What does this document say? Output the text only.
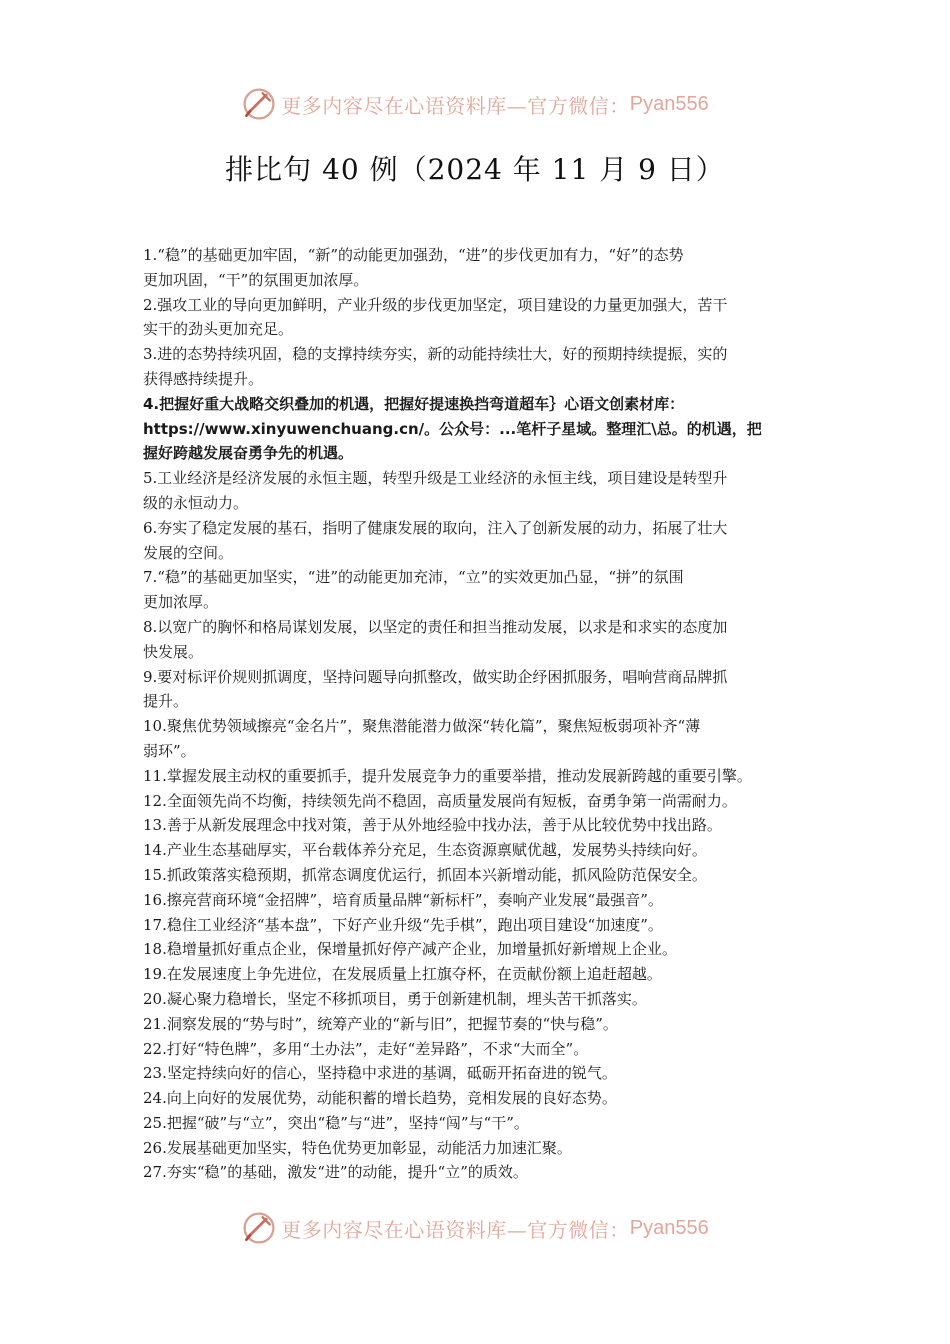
更多内容尽在心语资料库—官方微信： Pyan556
排比句 40 例（2024 年 11 月 9 日）
1.“稳”的基础更加牢固，“新”的动能更加强劲，“进”的步伐更加有力，“好”的态势
更加巩固，“干”的氛围更加浓厚。
2.强攻工业的导向更加鲜明，产业升级的步伐更加坚定，项目建设的力量更加强大，苦干
实干的劲头更加充足。
3.进的态势持续巩固，稳的支撑持续夯实，新的动能持续壮大，好的预期持续提振，实的
获得感持续提升。
4.把握好重大战略交织叠加的机遇，把握好提速换挡弯道超车｝心语文创素材库：
https://www.xinyuwenchuang.cn/。公众号：...笔杆子星域。整理汇\总。的机遇，把
握好跨越发展奋勇争先的机遇。
5.工业经济是经济发展的永恒主题，转型升级是工业经济的永恒主线，项目建设是转型升
级的永恒动力。
6.夯实了稳定发展的基石，指明了健康发展的取向，注入了创新发展的动力，拓展了壮大
发展的空间。
7.“稳”的基础更加坚实，“进”的动能更加充沛，“立”的实效更加凸显，“拼”的氛围
更加浓厚。
8.以宽广的胸怀和格局谋划发展，以坚定的责任和担当推动发展，以求是和求实的态度加
快发展。
9.要对标评价规则抓调度，坚持问题导向抓整改，做实助企纾困抓服务，唱响营商品牌抓
提升。
10.聚焦优势领域擦亮“金名片”，聚焦潜能潜力做深“转化篇”，聚焦短板弱项补齐“薄
弱环”。
11.掌握发展主动权的重要抓手，提升发展竞争力的重要举措，推动发展新跨越的重要引擎。
12.全面领先尚不均衡，持续领先尚不稳固，高质量发展尚有短板，奋勇争第一尚需耐力。
13.善于从新发展理念中找对策，善于从外地经验中找办法，善于从比较优势中找出路。
14.产业生态基础厚实，平台载体养分充足，生态资源禀赋优越，发展势头持续向好。
15.抓政策落实稳预期，抓常态调度优运行，抓固本兴新增动能，抓风险防范保安全。
16.擦亮营商环境“金招牌”，培育质量品牌“新标杆”，奏响产业发展“最强音”。
17.稳住工业经济“基本盘”，下好产业升级“先手棋”，跑出项目建设“加速度”。
18.稳增量抓好重点企业，保增量抓好停产减产企业，加增量抓好新增规上企业。
19.在发展速度上争先进位，在发展质量上扛旗夺杯，在贡献份额上追赶超越。
20.凝心聚力稳增长，坚定不移抓项目，勇于创新建机制，埋头苦干抓落实。
21.洞察发展的“势与时”，统筹产业的“新与旧”，把握节奏的“快与稳”。
22.打好“特色牌”，多用“土办法”，走好“差异路”，不求“大而全”。
23.坚定持续向好的信心，坚持稳中求进的基调，砥砺开拓奋进的锐气。
24.向上向好的发展优势，动能积蓄的增长趋势，竞相发展的良好态势。
25.把握“破”与“立”，突出“稳”与“进”，坚持“闯”与“干”。
26.发展基础更加坚实，特色优势更加彰显，动能活力加速汇聚。
27.夯实“稳”的基础，激发“进”的动能，提升“立”的质效。
更多内容尽在心语资料库—官方微信： Pyan556
